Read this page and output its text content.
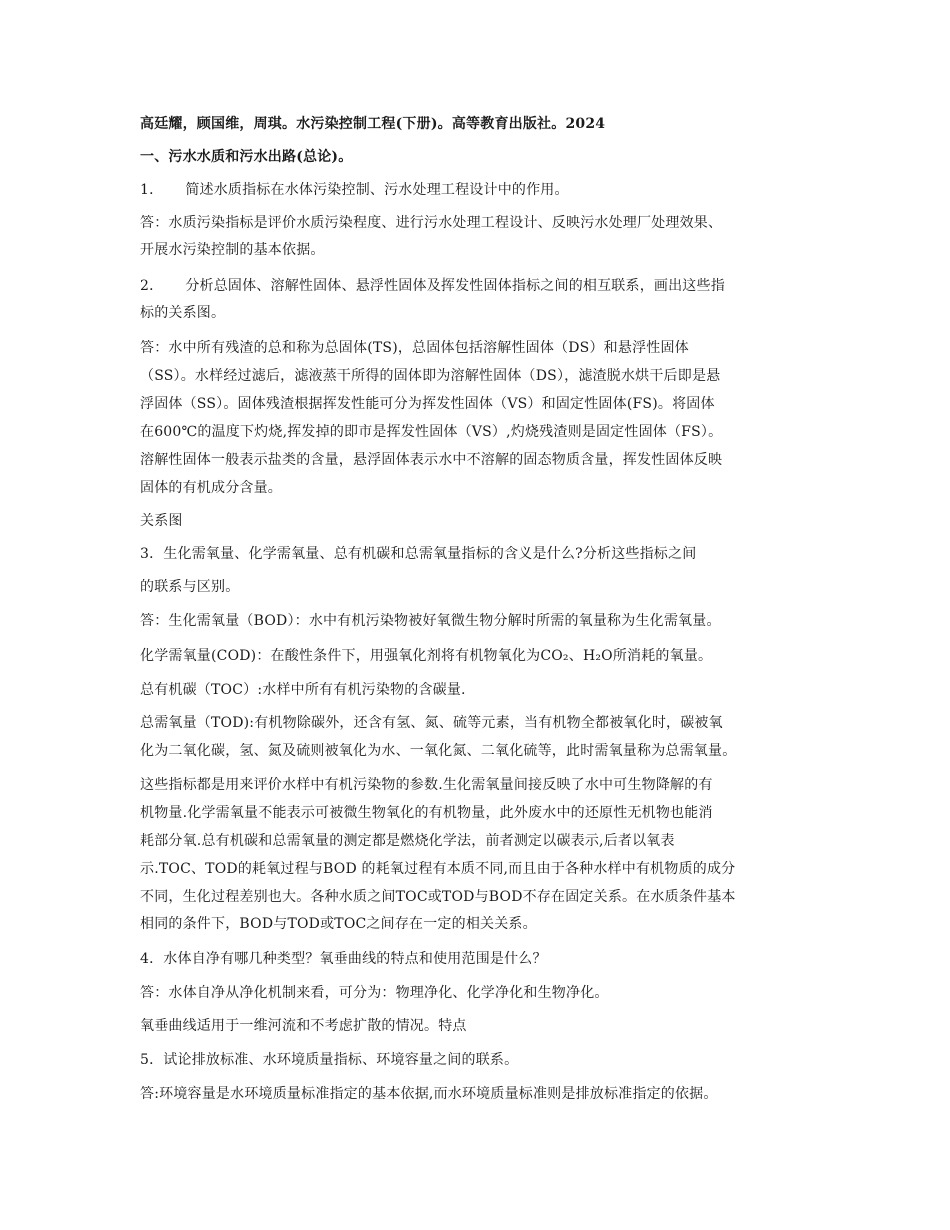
高廷耀，顾国维，周琪。水污染控制工程(下册)。高等教育出版社。2024
一、污水水质和污水出路(总论)。
1． 简述水质指标在水体污染控制、污水处理工程设计中的作用。
答：水质污染指标是评价水质污染程度、进行污水处理工程设计、反映污水处理厂处理效果、
开展水污染控制的基本依据。
2． 分析总固体、溶解性固体、悬浮性固体及挥发性固体指标之间的相互联系，画出这些指
标的关系图。
答：水中所有残渣的总和称为总固体(TS)，总固体包括溶解性固体（DS）和悬浮性固体
（SS）。水样经过滤后，滤液蒸干所得的固体即为溶解性固体（DS），滤渣脱水烘干后即是悬
浮固体（SS）。固体残渣根据挥发性能可分为挥发性固体（VS）和固定性固体(FS)。将固体
在600℃的温度下灼烧,挥发掉的即市是挥发性固体（VS）,灼烧残渣则是固定性固体（FS）。
溶解性固体一般表示盐类的含量，悬浮固体表示水中不溶解的固态物质含量，挥发性固体反映
固体的有机成分含量。
关系图
3．生化需氧量、化学需氧量、总有机碳和总需氧量指标的含义是什么?分析这些指标之间
的联系与区别。
答：生化需氧量（BOD）：水中有机污染物被好氧微生物分解时所需的氧量称为生化需氧量。
化学需氧量(COD)：在酸性条件下，用强氧化剂将有机物氧化为CO₂、H₂O所消耗的氧量。
总有机碳（TOC）:水样中所有有机污染物的含碳量.
总需氧量（TOD):有机物除碳外，还含有氢、氮、硫等元素，当有机物全都被氧化时，碳被氧
化为二氧化碳，氢、氮及硫则被氧化为水、一氧化氮、二氧化硫等，此时需氧量称为总需氧量。
这些指标都是用来评价水样中有机污染物的参数.生化需氧量间接反映了水中可生物降解的有
机物量.化学需氧量不能表示可被微生物氧化的有机物量，此外废水中的还原性无机物也能消
耗部分氧.总有机碳和总需氧量的测定都是燃烧化学法，前者测定以碳表示,后者以氧表
示.TOC、TOD的耗氧过程与BOD 的耗氧过程有本质不同,而且由于各种水样中有机物质的成分
不同，生化过程差别也大。各种水质之间TOC或TOD与BOD不存在固定关系。在水质条件基本
相同的条件下，BOD与TOD或TOC之间存在一定的相关关系。
4．水体自净有哪几种类型？氧垂曲线的特点和使用范围是什么？
答：水体自净从净化机制来看，可分为：物理净化、化学净化和生物净化。
氧垂曲线适用于一维河流和不考虑扩散的情况。特点
5．试论排放标准、水环境质量指标、环境容量之间的联系。
答:环境容量是水环境质量标准指定的基本依据,而水环境质量标准则是排放标准指定的依据。
